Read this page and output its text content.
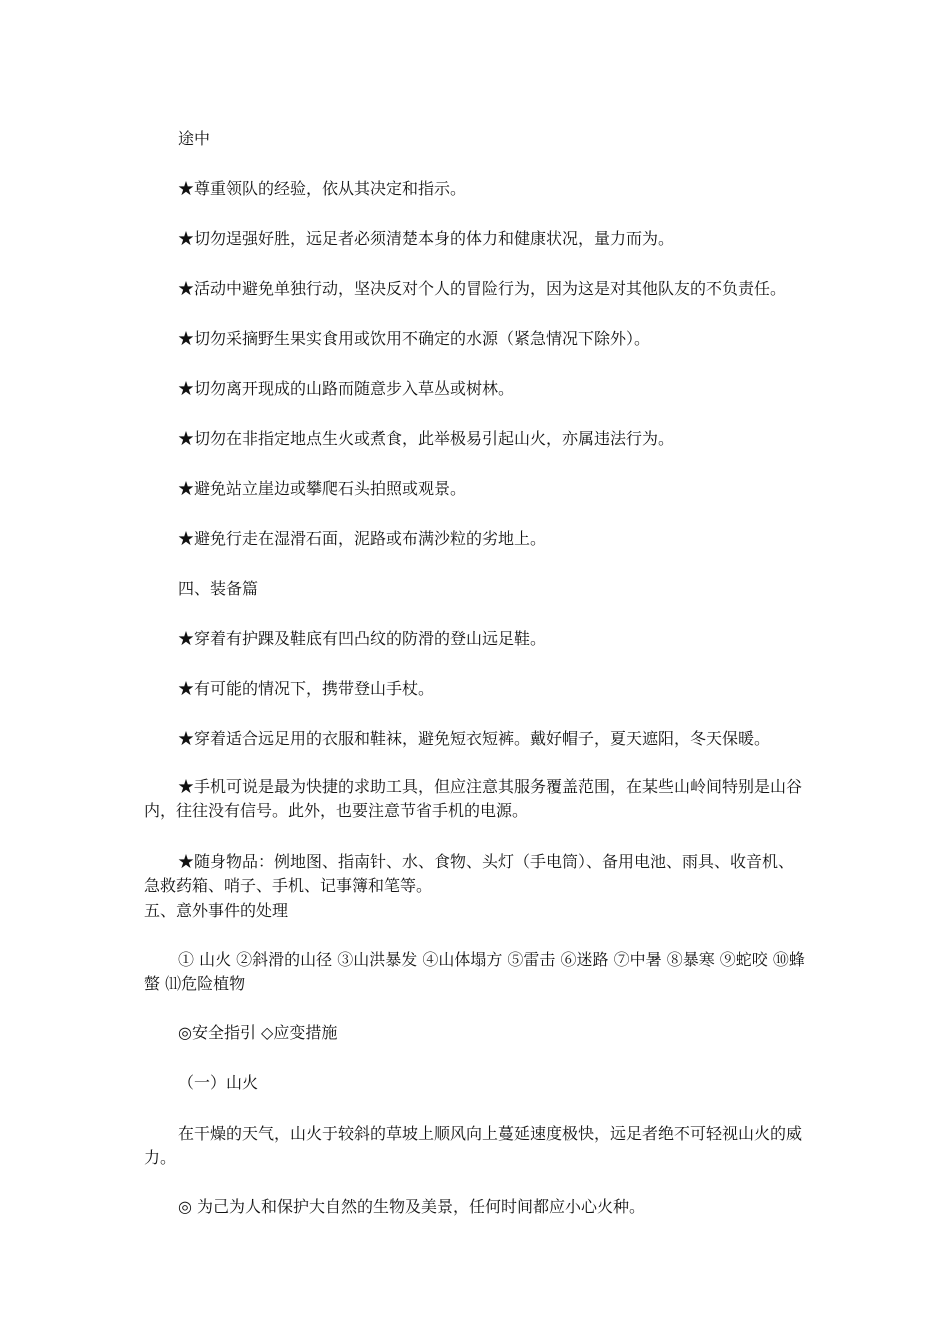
途中

★尊重领队的经验，依从其决定和指示。

★切勿逞强好胜，远足者必须清楚本身的体力和健康状况，量力而为。

★活动中避免单独行动，坚决反对个人的冒险行为，因为这是对其他队友的不负责任。

★切勿采摘野生果实食用或饮用不确定的水源（紧急情况下除外）。

★切勿离开现成的山路而随意步入草丛或树林。

★切勿在非指定地点生火或煮食，此举极易引起山火，亦属违法行为。

★避免站立崖边或攀爬石头拍照或观景。

★避免行走在湿滑石面，泥路或布满沙粒的劣地上。

四、装备篇

★穿着有护踝及鞋底有凹凸纹的防滑的登山远足鞋。

★有可能的情况下，携带登山手杖。

★穿着适合远足用的衣服和鞋袜，避免短衣短裤。戴好帽子，夏天遮阳，冬天保暖。

★手机可说是最为快捷的求助工具，但应注意其服务覆盖范围，在某些山岭间特别是山谷内，往往没有信号。此外，也要注意节省手机的电源。

★随身物品：例地图、指南针、水、食物、头灯（手电筒）、备用电池、雨具、收音机、急救药箱、哨子、手机、记事簿和笔等。

五、意外事件的处理

① 山火 ②斜滑的山径 ③山洪暴发 ④山体塌方 ⑤雷击 ⑥迷路 ⑦中暑 ⑧暴寒 ⑨蛇咬 ⑩蜂螫 ⑾危险植物

◎安全指引 ◇应变措施

（一）山火

在干燥的天气，山火于较斜的草坡上顺风向上蔓延速度极快，远足者绝不可轻视山火的威力。

◎ 为己为人和保护大自然的生物及美景，任何时间都应小心火种。
